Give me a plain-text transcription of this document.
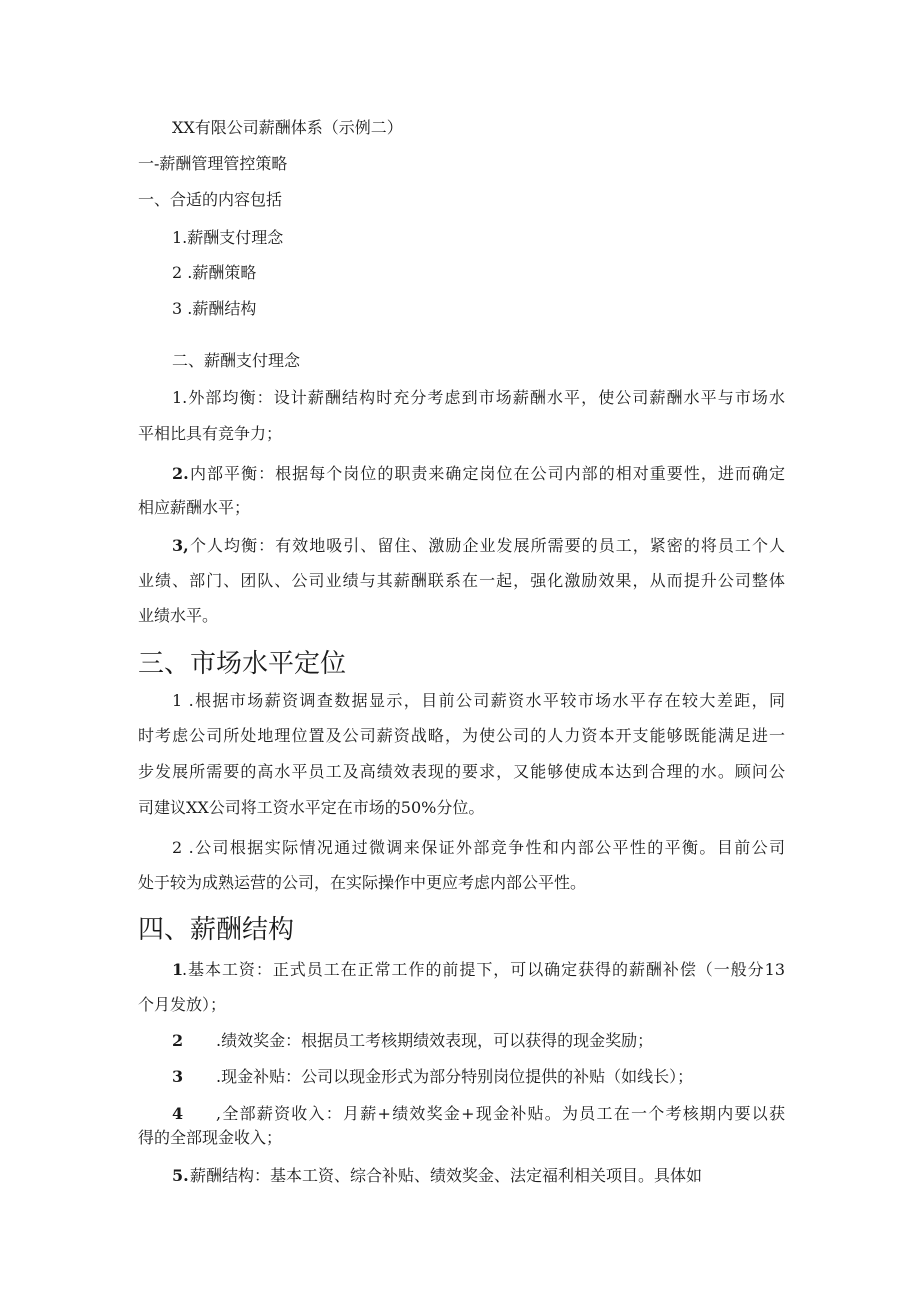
XX有限公司薪酬体系（示例二）
一-薪酬管理管控策略
一、合适的内容包括
1.薪酬支付理念
2 .薪酬策略
3 .薪酬结构
二、薪酬支付理念
1.外部均衡：设计薪酬结构时充分考虑到市场薪酬水平，使公司薪酬水平与市场水
平相比具有竞争力；
2. 内部平衡：根据每个岗位的职责来确定岗位在公司内部的相对重要性，进而确定
相应薪酬水平；
3, 个人均衡：有效地吸引、留住、激励企业发展所需要的员工，紧密的将员工个人
业绩、部门、团队、公司业绩与其薪酬联系在一起，强化激励效果，从而提升公司整体
业绩水平。
三、市场水平定位
1 .根据市场薪资调查数据显示，目前公司薪资水平较市场水平存在较大差距，同
时考虑公司所处地理位置及公司薪资战略，为使公司的人力资本开支能够既能满足进一
步发展所需要的高水平员工及高绩效表现的要求，又能够使成本达到合理的水。顾问公
司建议XX公司将工资水平定在市场的50%分位。
2 .公司根据实际情况通过微调来保证外部竞争性和内部公平性的平衡。目前公司
处于较为成熟运营的公司，在实际操作中更应考虑内部公平性。
四、薪酬结构
1
.基本工资：正式员工在正常工作的前提下，可以确定获得的薪酬补偿（一般分13
个月发放）；
2 .绩效奖金：根据员工考核期绩效表现，可以获得的现金奖励；
3 .现金补贴：公司以现金形式为部分特别岗位提供的补贴（如线长）；
4 ,全部薪资收入：月薪+绩效奖金+现金补贴。为员工在一个考核期内要以获
得的全部现金收入；
5. 薪酬结构：基本工资、综合补贴、绩效奖金、法定福利相关项目。具体如
